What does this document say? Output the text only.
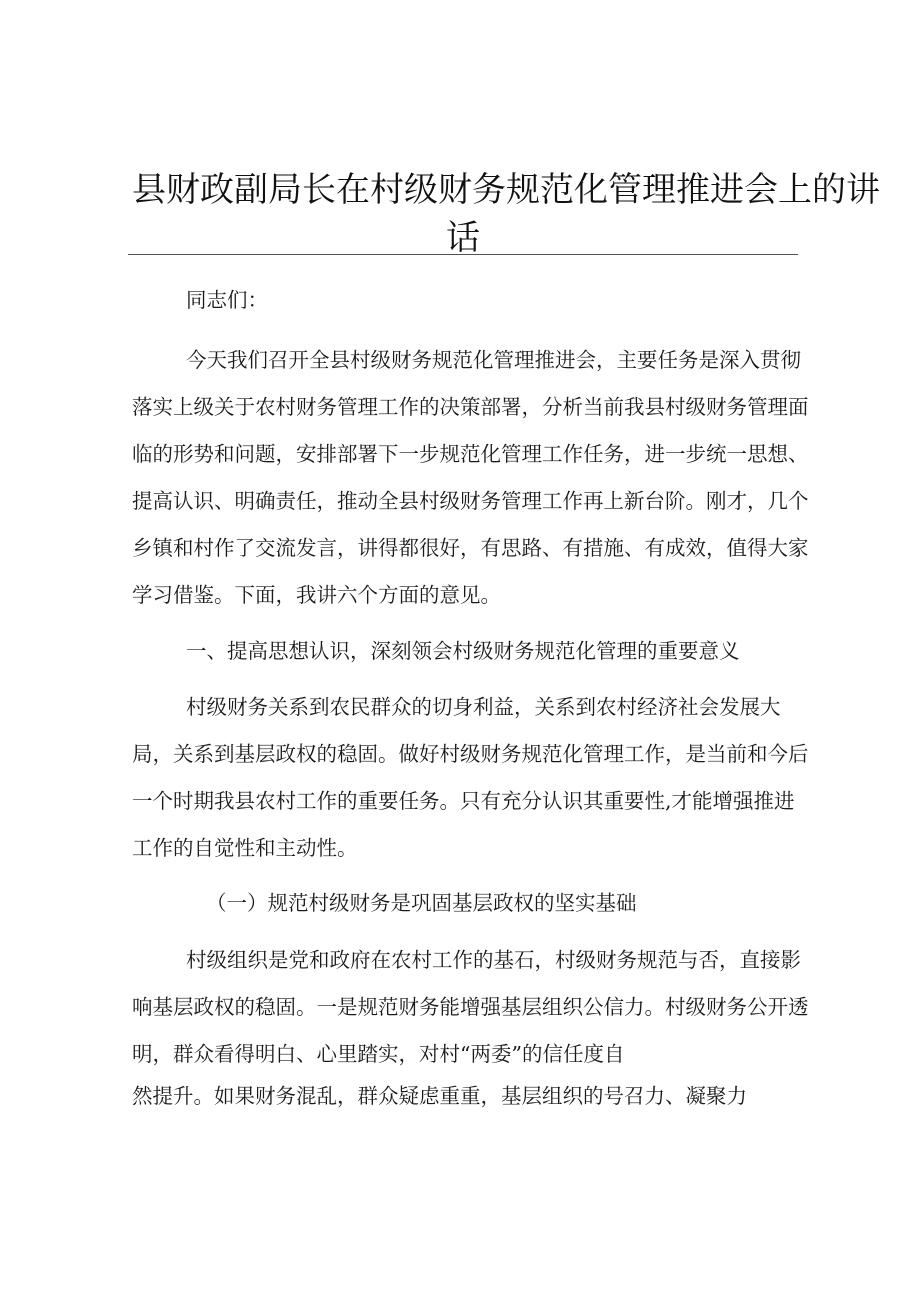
县财政副局长在村级财务规范化管理推进会上的讲
话
同志们：
今天我们召开全县村级财务规范化管理推进会，主要任务是深入贯彻
落实上级关于农村财务管理工作的决策部署，分析当前我县村级财务管理面
临的形势和问题，安排部署下一步规范化管理工作任务，进一步统一思想、
提高认识、明确责任，推动全县村级财务管理工作再上新台阶。刚才，几个
乡镇和村作了交流发言，讲得都很好，有思路、有措施、有成效，值得大家
学习借鉴。下面，我讲六个方面的意见。
一、提高思想认识，深刻领会村级财务规范化管理的重要意义
村级财务关系到农民群众的切身利益，关系到农村经济社会发展大
局，关系到基层政权的稳固。做好村级财务规范化管理工作，是当前和今后
一个时期我县农村工作的重要任务。只有充分认识其重要性,才能增强推进
工作的自觉性和主动性。
（一）规范村级财务是巩固基层政权的坚实基础
村级组织是党和政府在农村工作的基石，村级财务规范与否，直接影
响基层政权的稳固。一是规范财务能增强基层组织公信力。村级财务公开透
明，群众看得明白、心里踏实，对村“两委”的信任度自
然提升。如果财务混乱，群众疑虑重重，基层组织的号召力、凝聚力
